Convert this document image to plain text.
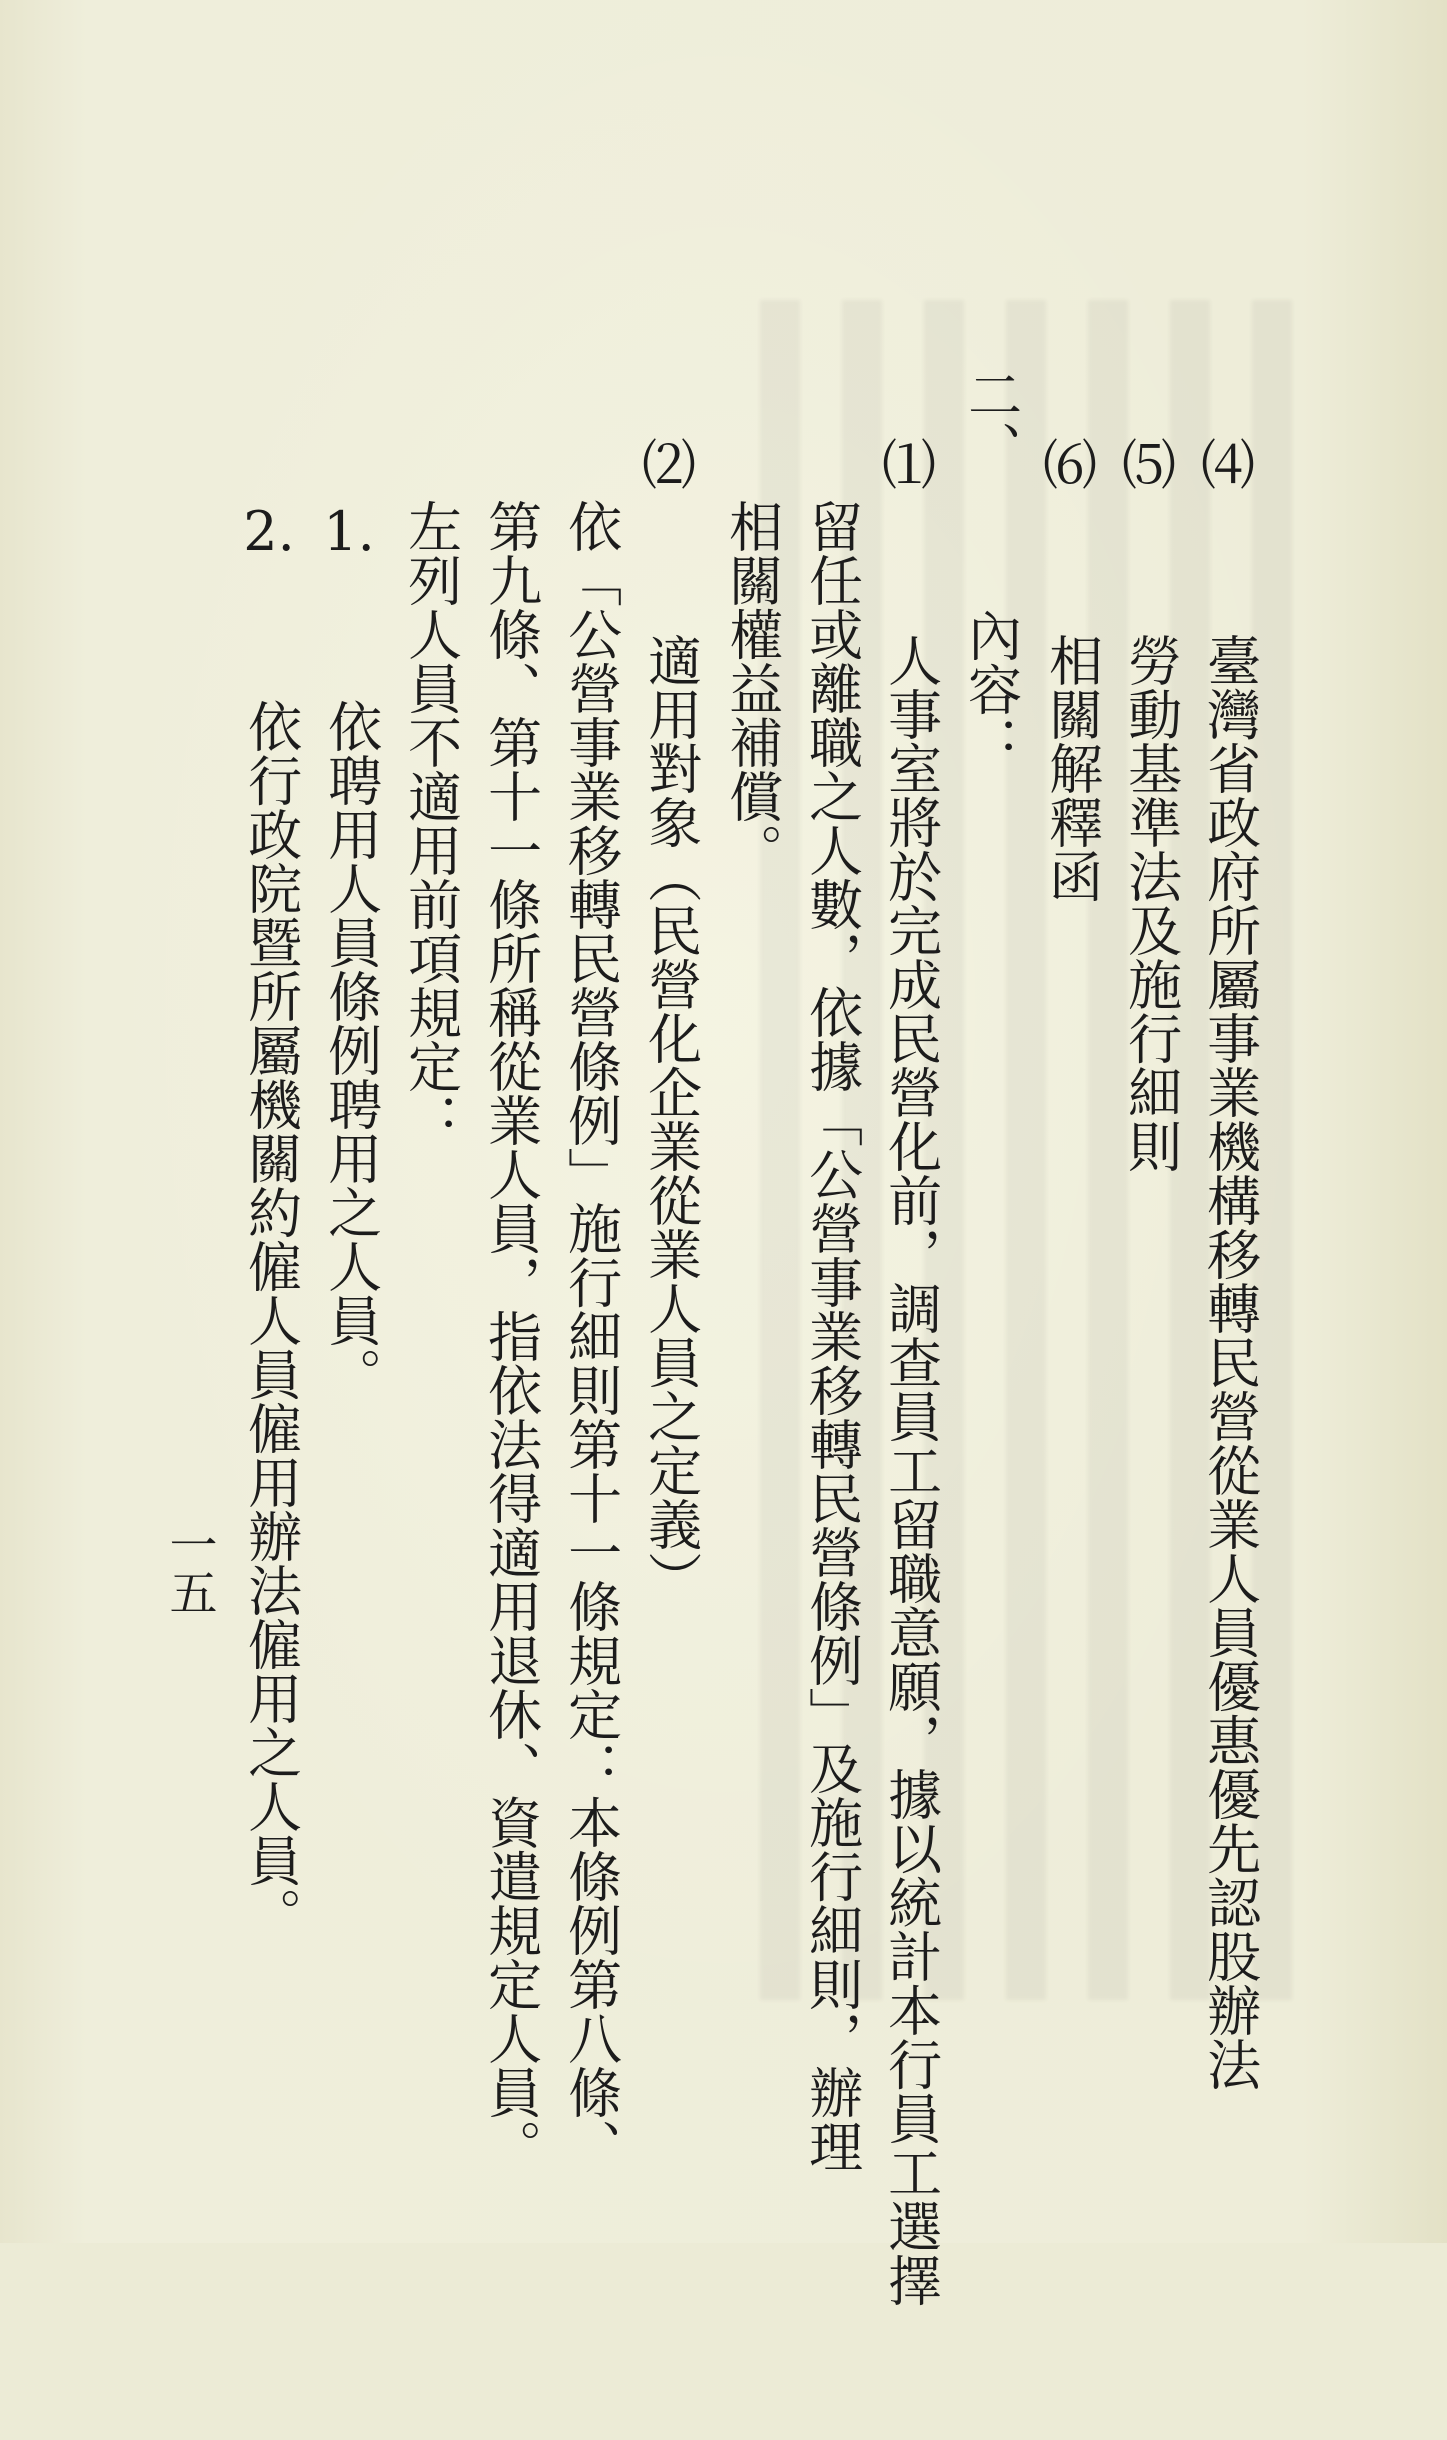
⑷

臺灣省政府所屬事業機構移轉民營從業人員優惠優先認股辦法

⑸

勞動基準法及施行細則

⑹

相關解釋函

二、

內容：

⑴

人事室將於完成民營化前，調查員工留職意願，據以統計本行員工選擇

留任或離職之人數，依據「公營事業移轉民營條例」及施行細則，辦理

相關權益補償。

⑵

適用對象（民營化企業從業人員之定義）

依「公營事業移轉民營條例」施行細則第十一條規定：本條例第八條、

第九條、第十一條所稱從業人員，指依法得適用退休、資遣規定人員。

左列人員不適用前項規定：

1.

依聘用人員條例聘用之人員。

2.

依行政院暨所屬機關約僱人員僱用辦法僱用之人員。

一五
